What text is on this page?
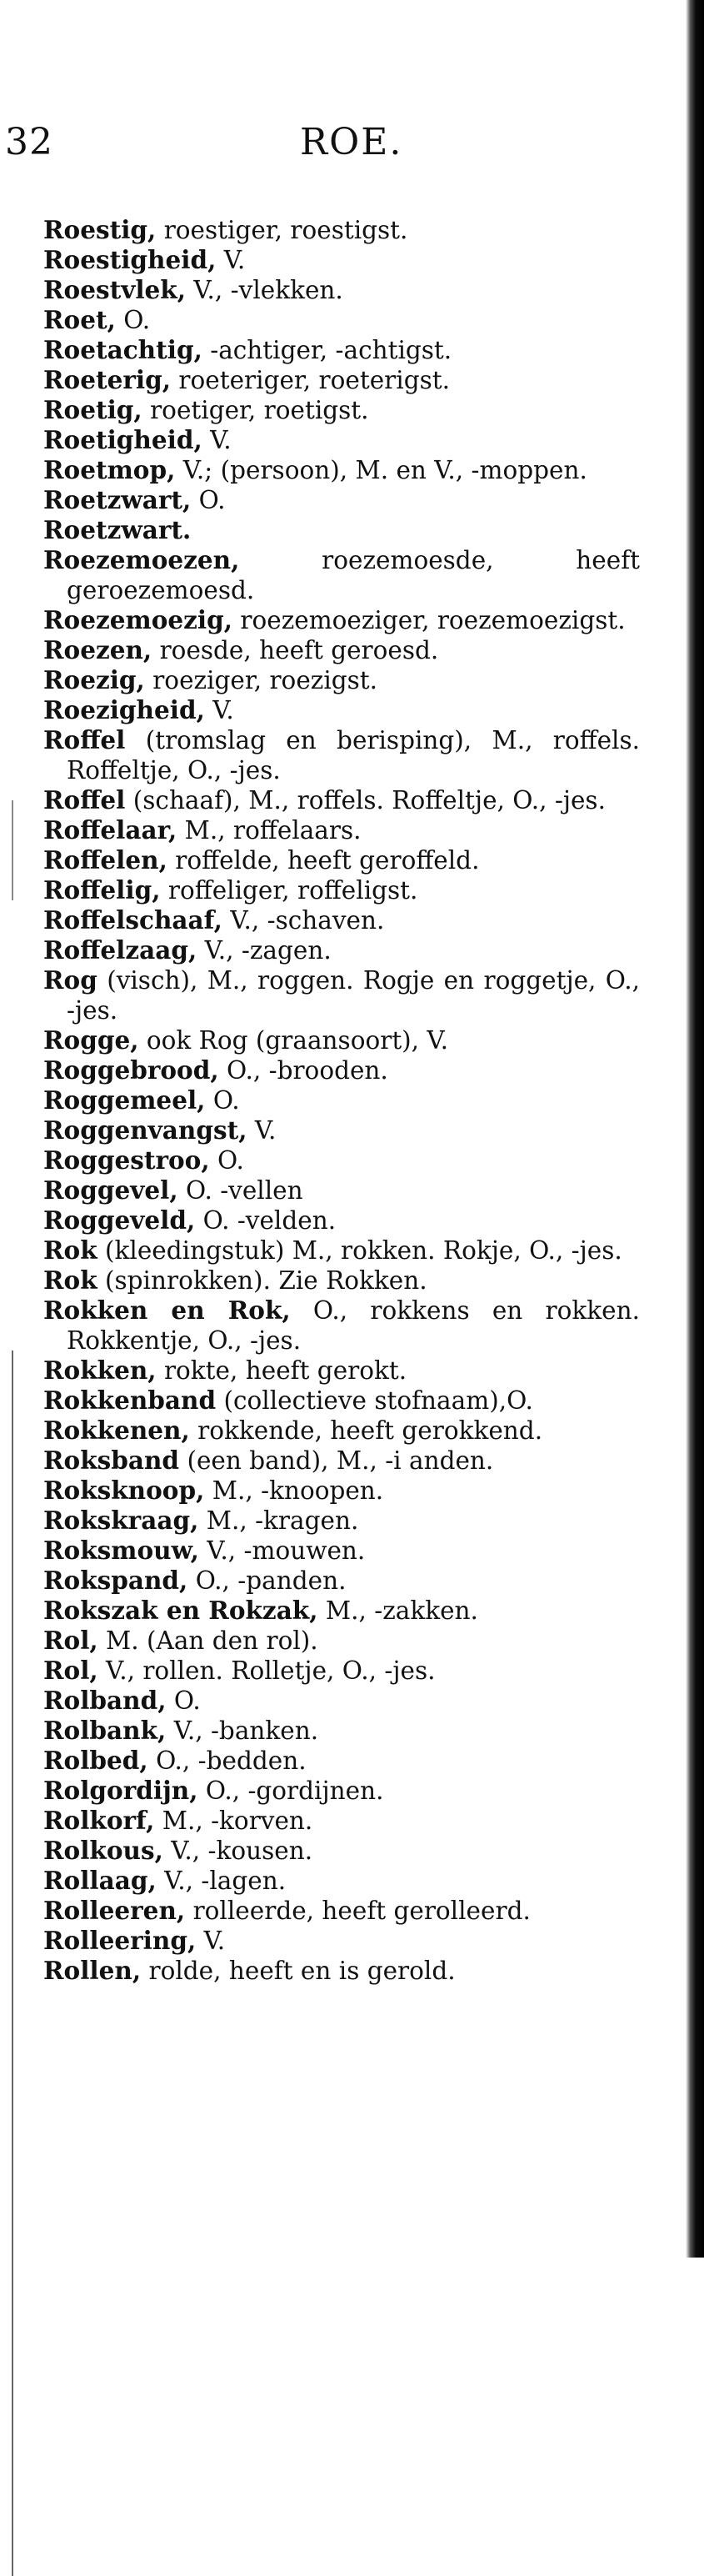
32	ROE.
Roestig, roestiger, roestigst.
Roestigheid, V.
Roestvlek, V., -vlekken.
Roet, O.
Roetachtig, -achtiger, -achtigst.
Roeterig, roeteriger, roeterigst.
Roetig, roetiger, roetigst.
Roetigheid, V.
Roetmop, V.; (persoon), M. en V., -moppen.
Roetzwart, O.
Roetzwart.
Roezemoezen, roezemoesde, heeft geroezemoesd.
Roezemoezig, roezemoeziger, roezemoezigst.
Roezen, roesde, heeft geroesd.
Roezig, roeziger, roezigst.
Roezigheid, V.
Roffel (tromslag en berisping), M., roffels. Roffeltje, O., -jes.
Roffel (schaaf), M., roffels. Roffeltje, O., -jes.
Roffelaar, M., roffelaars.
Roffelen, roffelde, heeft geroffeld.
Roffelig, roffeliger, roffeligst.
Roffelschaaf, V., -schaven.
Roffelzaag, V., -zagen.
Rog (visch), M., roggen. Rogje en roggetje, O., -jes.
Rogge, ook Rog (graansoort), V.
Roggebrood, O., -brooden.
Roggemeel, O.
Roggenvangst, V.
Roggestroo, O.
Roggevel, O. -vellen
Roggeveld, O. -velden.
Rok (kleedingstuk) M., rokken. Rokje, O., -jes.
Rok (spinrokken). Zie Rokken.
Rokken en Rok, O., rokkens en rokken. Rokkentje, O., -jes.
Rokken, rokte, heeft gerokt.
Rokkenband (collectieve stofnaam),O.
Rokkenen, rokkende, heeft gerokkend.
Roksband (een band), M., -i anden.
Roksknoop, M., -knoopen.
Rokskraag, M., -kragen.
Roksmouw, V., -mouwen.
Rokspand, O., -panden.
Rokszak en Rokzak, M., -zakken.
Rol, M. (Aan den rol).
Rol, V., rollen. Rolletje, O., -jes.
Rolband, O.
Rolbank, V., -banken.
Rolbed, O., -bedden.
Rolgordijn, O., -gordijnen.
Rolkorf, M., -korven.
Rolkous, V., -kousen.
Rollaag, V., -lagen.
Rolleeren, rolleerde, heeft gerolleerd.
Rolleering, V.
Rollen, rolde, heeft en is gerold.
